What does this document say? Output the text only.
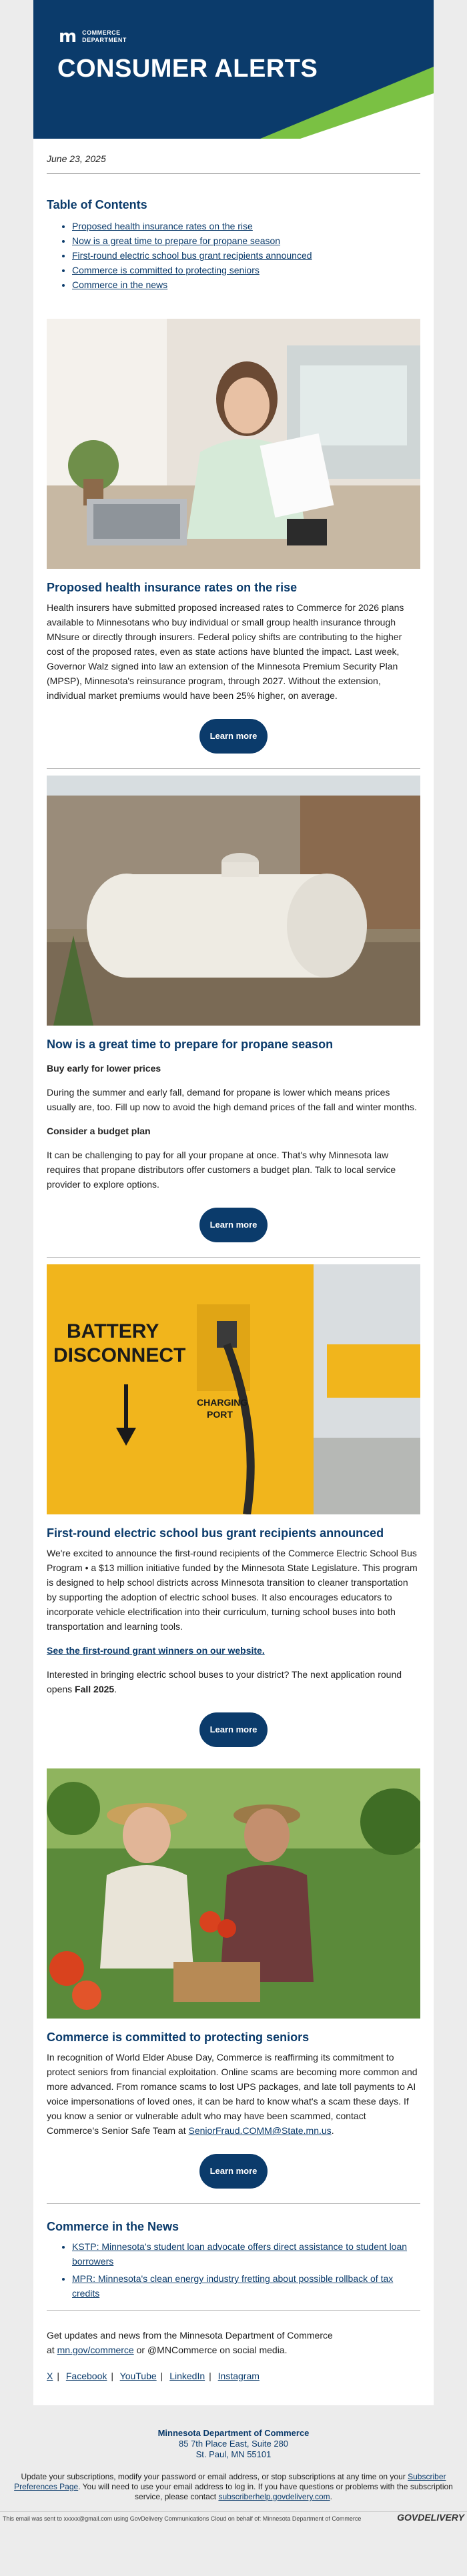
m COMMERCE
DEPARTMENT
CONSUMER ALERTS
June 23, 2025
Table of Contents
• Proposed health insurance rates on the rise
• Now is a great time to prepare for propane season
• First-round electric school bus grant recipients announced
• Commerce is committed to protecting seniors
• Commerce in the news
Proposed health insurance rates on the rise

Health insurers have submitted proposed increased rates to Commerce for 2026 plans available to Minnesotans who buy individual or small group health insurance through MNsure or directly through insurers. Federal policy shifts are contributing to the higher cost of the proposed rates, even as state actions have blunted the impact. Last week, Governor Walz signed into law an extension of the Minnesota Premium Security Plan (MPSP), Minnesota's reinsurance program, through 2027. Without the extension, individual market premiums would have been 25% higher, on average.

Learn more
Now is a great time to prepare for propane season

Buy early for lower prices

During the summer and early fall, demand for propane is lower which means prices usually are, too. Fill up now to avoid the high demand prices of the fall and winter months.

Consider a budget plan

It can be challenging to pay for all your propane at once. That's why Minnesota law requires that propane distributors offer customers a budget plan. Talk to local service provider to explore options.

Learn more
BATTERY
DISCONNECT
CHARGING
PORT
First-round electric school bus grant recipients announced

We're excited to announce the first-round recipients of the Commerce Electric School Bus Program • a $13 million initiative funded by the Minnesota State Legislature. This program is designed to help school districts across Minnesota transition to cleaner transportation by supporting the adoption of electric school buses. It also encourages educators to incorporate vehicle electrification into their curriculum, turning school buses into both transportation and learning tools.

See the first-round grant winners on our website.

Interested in bringing electric school buses to your district? The next application round opens Fall 2025.

Learn more
Commerce is committed to protecting seniors

In recognition of World Elder Abuse Day, Commerce is reaffirming its commitment to protect seniors from financial exploitation. Online scams are becoming more common and more advanced. From romance scams to lost UPS packages, and late toll payments to AI voice impersonations of loved ones, it can be hard to know what's a scam these days. If you know a senior or vulnerable adult who may have been scammed, contact Commerce's Senior Safe Team at SeniorFraud.COMM@State.mn.us.

Learn more
Commerce in the News
• KSTP: Minnesota's student loan advocate offers direct assistance to student loan borrowers
• MPR: Minnesota's clean energy industry fretting about possible rollback of tax credits
Get updates and news from the Minnesota Department of Commerce
at mn.gov/commerce or @MNCommerce on social media.
X | Facebook | YouTube | LinkedIn | Instagram
Minnesota Department of Commerce
85 7th Place East, Suite 280
St. Paul, MN 55101
Update your subscriptions, modify your password or email address, or stop subscriptions at any time on your Subscriber Preferences Page. You will need to use your email address to log in. If you have questions or problems with the subscription service, please contact subscriberhelp.govdelivery.com.
This email was sent to xxxxx@gmail.com using GovDelivery Communications Cloud on behalf of: Minnesota Department of Commerce	GOVDELIVERY
